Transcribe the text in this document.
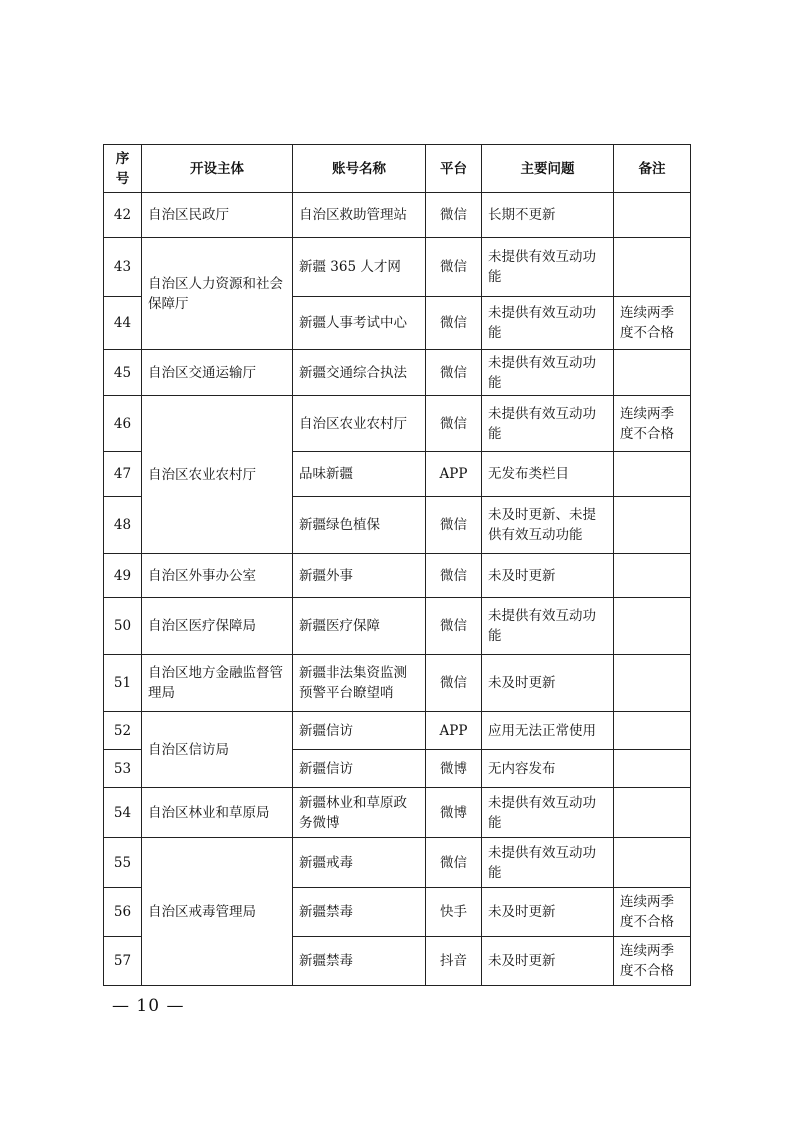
序号	开设主体	账号名称	平台	主要问题	备注
42	自治区民政厅	自治区救助管理站	微信	长期不更新	
43	自治区人力资源和社会保障厅	新疆 365 人才网	微信	未提供有效互动功能	
44		新疆人事考试中心	微信	未提供有效互动功能	连续两季度不合格
45	自治区交通运输厅	新疆交通综合执法	微信	未提供有效互动功能	
46	自治区农业农村厅	自治区农业农村厅	微信	未提供有效互动功能	连续两季度不合格
47		品味新疆	APP	无发布类栏目	
48		新疆绿色植保	微信	未及时更新、未提供有效互动功能	
49	自治区外事办公室	新疆外事	微信	未及时更新	
50	自治区医疗保障局	新疆医疗保障	微信	未提供有效互动功能	
51	自治区地方金融监督管理局	新疆非法集资监测预警平台瞭望哨	微信	未及时更新	
52	自治区信访局	新疆信访	APP	应用无法正常使用	
53		新疆信访	微博	无内容发布	
54	自治区林业和草原局	新疆林业和草原政务微博	微博	未提供有效互动功能	
55	自治区戒毒管理局	新疆戒毒	微信	未提供有效互动功能	
56		新疆禁毒	快手	未及时更新	连续两季度不合格
57		新疆禁毒	抖音	未及时更新	连续两季度不合格
— 10 —
